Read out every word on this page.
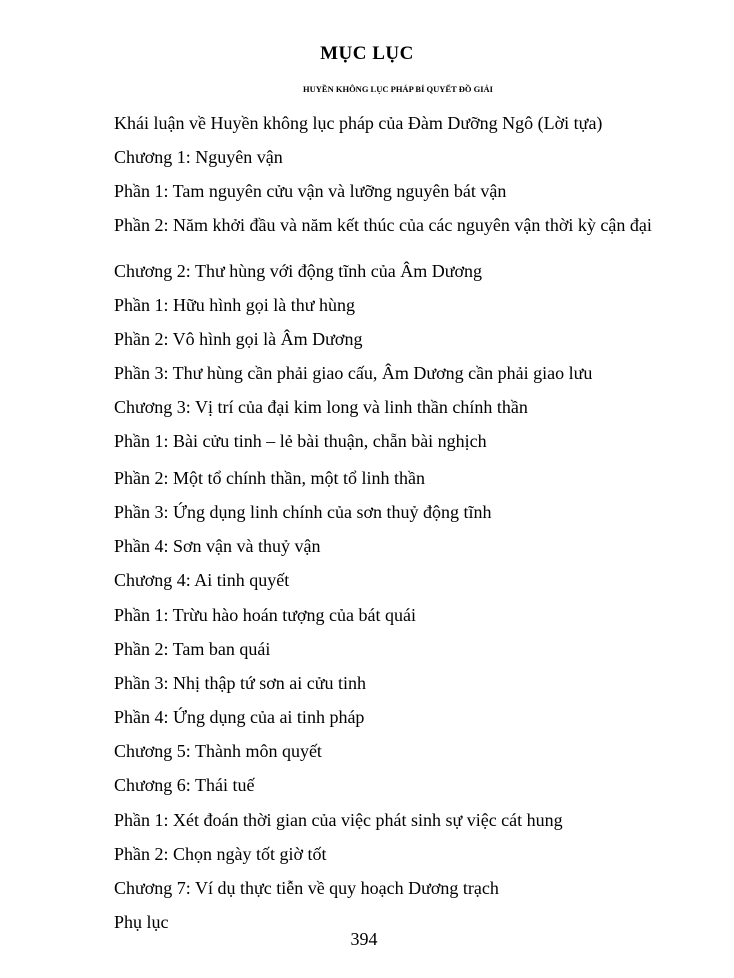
MỤC LỤC
HUYỀN KHÔNG LỤC PHÁP BÍ QUYẾT ĐỒ GIẢI
Khái luận về Huyền không lục pháp của Đàm Dưỡng Ngô (Lời tựa)
Chương 1: Nguyên vận
Phần 1: Tam nguyên cửu vận và lưỡng nguyên bát vận
Phần 2: Năm khởi đầu và năm kết thúc của các nguyên vận thời kỳ cận đại
Chương 2: Thư hùng với động tĩnh của Âm Dương
Phần 1: Hữu hình gọi là thư hùng
Phần 2: Vô hình gọi là Âm Dương
Phần 3: Thư hùng cần phải giao cấu, Âm Dương cần phải giao lưu
Chương 3: Vị trí của đại kim long và linh thần chính thần
Phần 1: Bài cửu tinh – lẻ bài thuận, chẵn bài nghịch
Phần 2: Một tổ chính thần, một tổ linh thần
Phần 3: Ứng dụng linh chính của sơn thuỷ động tĩnh
Phần 4: Sơn vận và thuỷ vận
Chương 4: Ai tinh quyết
Phần 1: Trừu hào hoán tượng của bát quái
Phần 2: Tam ban quái
Phần 3: Nhị thập tứ sơn ai cửu tinh
Phần 4: Ứng dụng của ai tinh pháp
Chương 5: Thành môn quyết
Chương 6: Thái tuế
Phần 1: Xét đoán thời gian của việc phát sinh sự việc cát hung
Phần 2: Chọn ngày tốt giờ tốt
Chương 7: Ví dụ thực tiễn về quy hoạch Dương trạch
Phụ lục
394
